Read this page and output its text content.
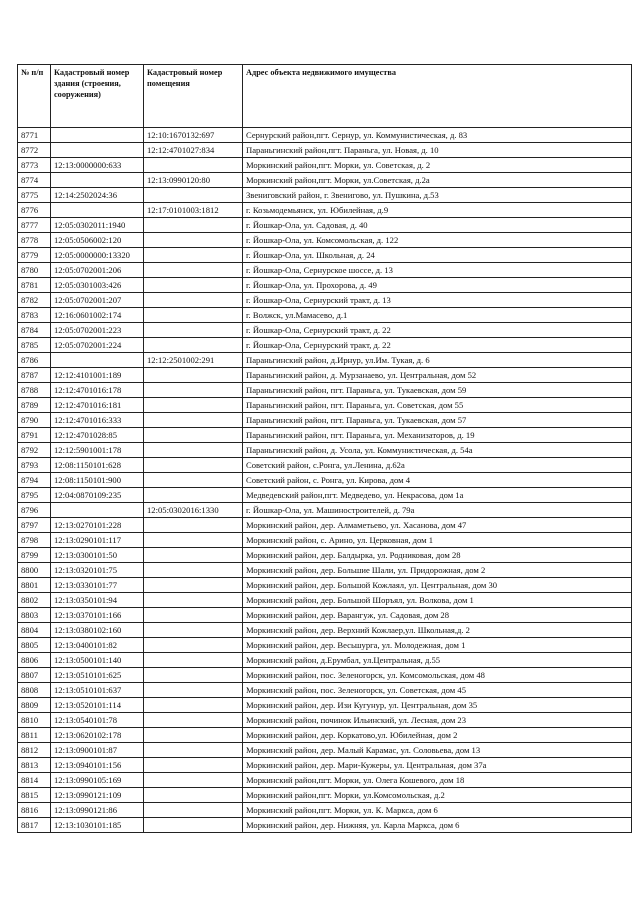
№ п/п	Кадастровый номер здания (строения, сооружения)	Кадастровый номер помещения	Адрес объекта недвижимого имущества
8771		12:10:1670132:697	Сернурский район,пгт. Сернур, ул. Коммунистическая, д. 83
8772		12:12:4701027:834	Параньгинский район,пгт. Параньга, ул. Новая, д. 10
8773	12:13:0000000:633		Моркинский район,пгт. Морки, ул. Советская, д. 2
8774		12:13:0990120:80	Моркинский район,пгт. Морки, ул.Советская, д.2а
8775	12:14:2502024:36		Звениговский район, г. Звенигово, ул. Пушкина, д.53
8776		12:17:0101003:1812	г. Козьмодемьянск, ул. Юбилейная, д.9
8777	12:05:0302011:1940		г. Йошкар-Ола, ул. Садовая, д. 40
8778	12:05:0506002:120		г. Йошкар-Ола, ул. Комсомольская, д. 122
8779	12:05:0000000:13320		г. Йошкар-Ола, ул. Школьная, д. 24
8780	12:05:0702001:206		г. Йошкар-Ола, Сернурское шоссе, д. 13
8781	12:05:0301003:426		г. Йошкар-Ола, ул. Прохорова, д. 49
8782	12:05:0702001:207		г. Йошкар-Ола, Сернурский тракт, д. 13
8783	12:16:0601002:174		г. Волжск, ул.Мамасево, д.1
8784	12:05:0702001:223		г. Йошкар-Ола, Сернурский тракт, д. 22
8785	12:05:0702001:224		г. Йошкар-Ола, Сернурский тракт, д. 22
8786		12:12:2501002:291	Параньгинский район, д.Ирнур, ул.Им. Тукая, д. 6
8787	12:12:4101001:189		Параньгинский район, д. Мурзанаево, ул. Центральная, дом 52
8788	12:12:4701016:178		Параньгинский район, пгт. Параньга, ул. Тукаевская, дом 59
8789	12:12:4701016:181		Параньгинский район, пгт. Параньга, ул. Советская, дом 55
8790	12:12:4701016:333		Параньгинский район, пгт. Параньга, ул. Тукаевская, дом 57
8791	12:12:4701028:85		Параньгинский район, пгт. Параньга, ул. Механизаторов, д. 19
8792	12:12:5901001:178		Параньгинский район, д. Усола, ул. Коммунистическая, д. 54а
8793	12:08:1150101:628		Советский район, с.Ронга, ул.Ленина, д.62а
8794	12:08:1150101:900		Советский район, с. Ронга, ул. Кирова, дом 4
8795	12:04:0870109:235		Медведевский район,пгт. Медведево, ул. Некрасова, дом 1а
8796		12:05:0302016:1330	г. Йошкар-Ола, ул. Машиностроителей, д. 79а
8797	12:13:0270101:228		Моркинский район, дер. Алмаметьево, ул. Хасанова, дом 47
8798	12:13:0290101:117		Моркинский район, с. Арино, ул. Церковная, дом 1
8799	12:13:0300101:50		Моркинский район, дер. Балдырка, ул. Родниковая, дом 28
8800	12:13:0320101:75		Моркинский район, дер. Большие Шали, ул. Придорожная, дом 2
8801	12:13:0330101:77		Моркинский район, дер. Большой Кожлаял, ул. Центральная, дом 30
8802	12:13:0350101:94		Моркинский район, дер. Большой Шоръял, ул. Волкова, дом 1
8803	12:13:0370101:166		Моркинский район, дер. Варангуж, ул. Садовая, дом 28
8804	12:13:0380102:160		Моркинский район, дер. Верхний Кожлаер,ул. Школьная,д. 2
8805	12:13:0400101:82		Моркинский район, дер. Весьшурга, ул. Молодежная, дом 1
8806	12:13:0500101:140		Моркинский район, д.Ерумбал, ул.Центральная, д.55
8807	12:13:0510101:625		Моркинский район, пос. Зеленогорск, ул. Комсомольская, дом 48
8808	12:13:0510101:637		Моркинский район, пос. Зеленогорск, ул. Советская, дом 45
8809	12:13:0520101:114		Моркинский район, дер. Изи Кугунур, ул. Центральная, дом 35
8810	12:13:0540101:78		Моркинский район, починок Ильинский, ул. Лесная, дом 23
8811	12:13:0620102:178		Моркинский район, дер. Коркатово,ул. Юбилейная, дом 2
8812	12:13:0900101:87		Моркинский район, дер. Малый Карамас, ул. Соловьева, дом 13
8813	12:13:0940101:156		Моркинский район, дер. Мари-Кужеры, ул. Центральная, дом 37а
8814	12:13:0990105:169		Моркинский район,пгт. Морки, ул. Олега Кошевого, дом 18
8815	12:13:0990121:109		Моркинский район,пгт. Морки, ул.Комсомольская, д.2
8816	12:13:0990121:86		Моркинский район,пгт. Морки, ул. К. Маркса, дом 6
8817	12:13:1030101:185		Моркинский район, дер. Нижняя, ул. Карла Маркса, дом 6
